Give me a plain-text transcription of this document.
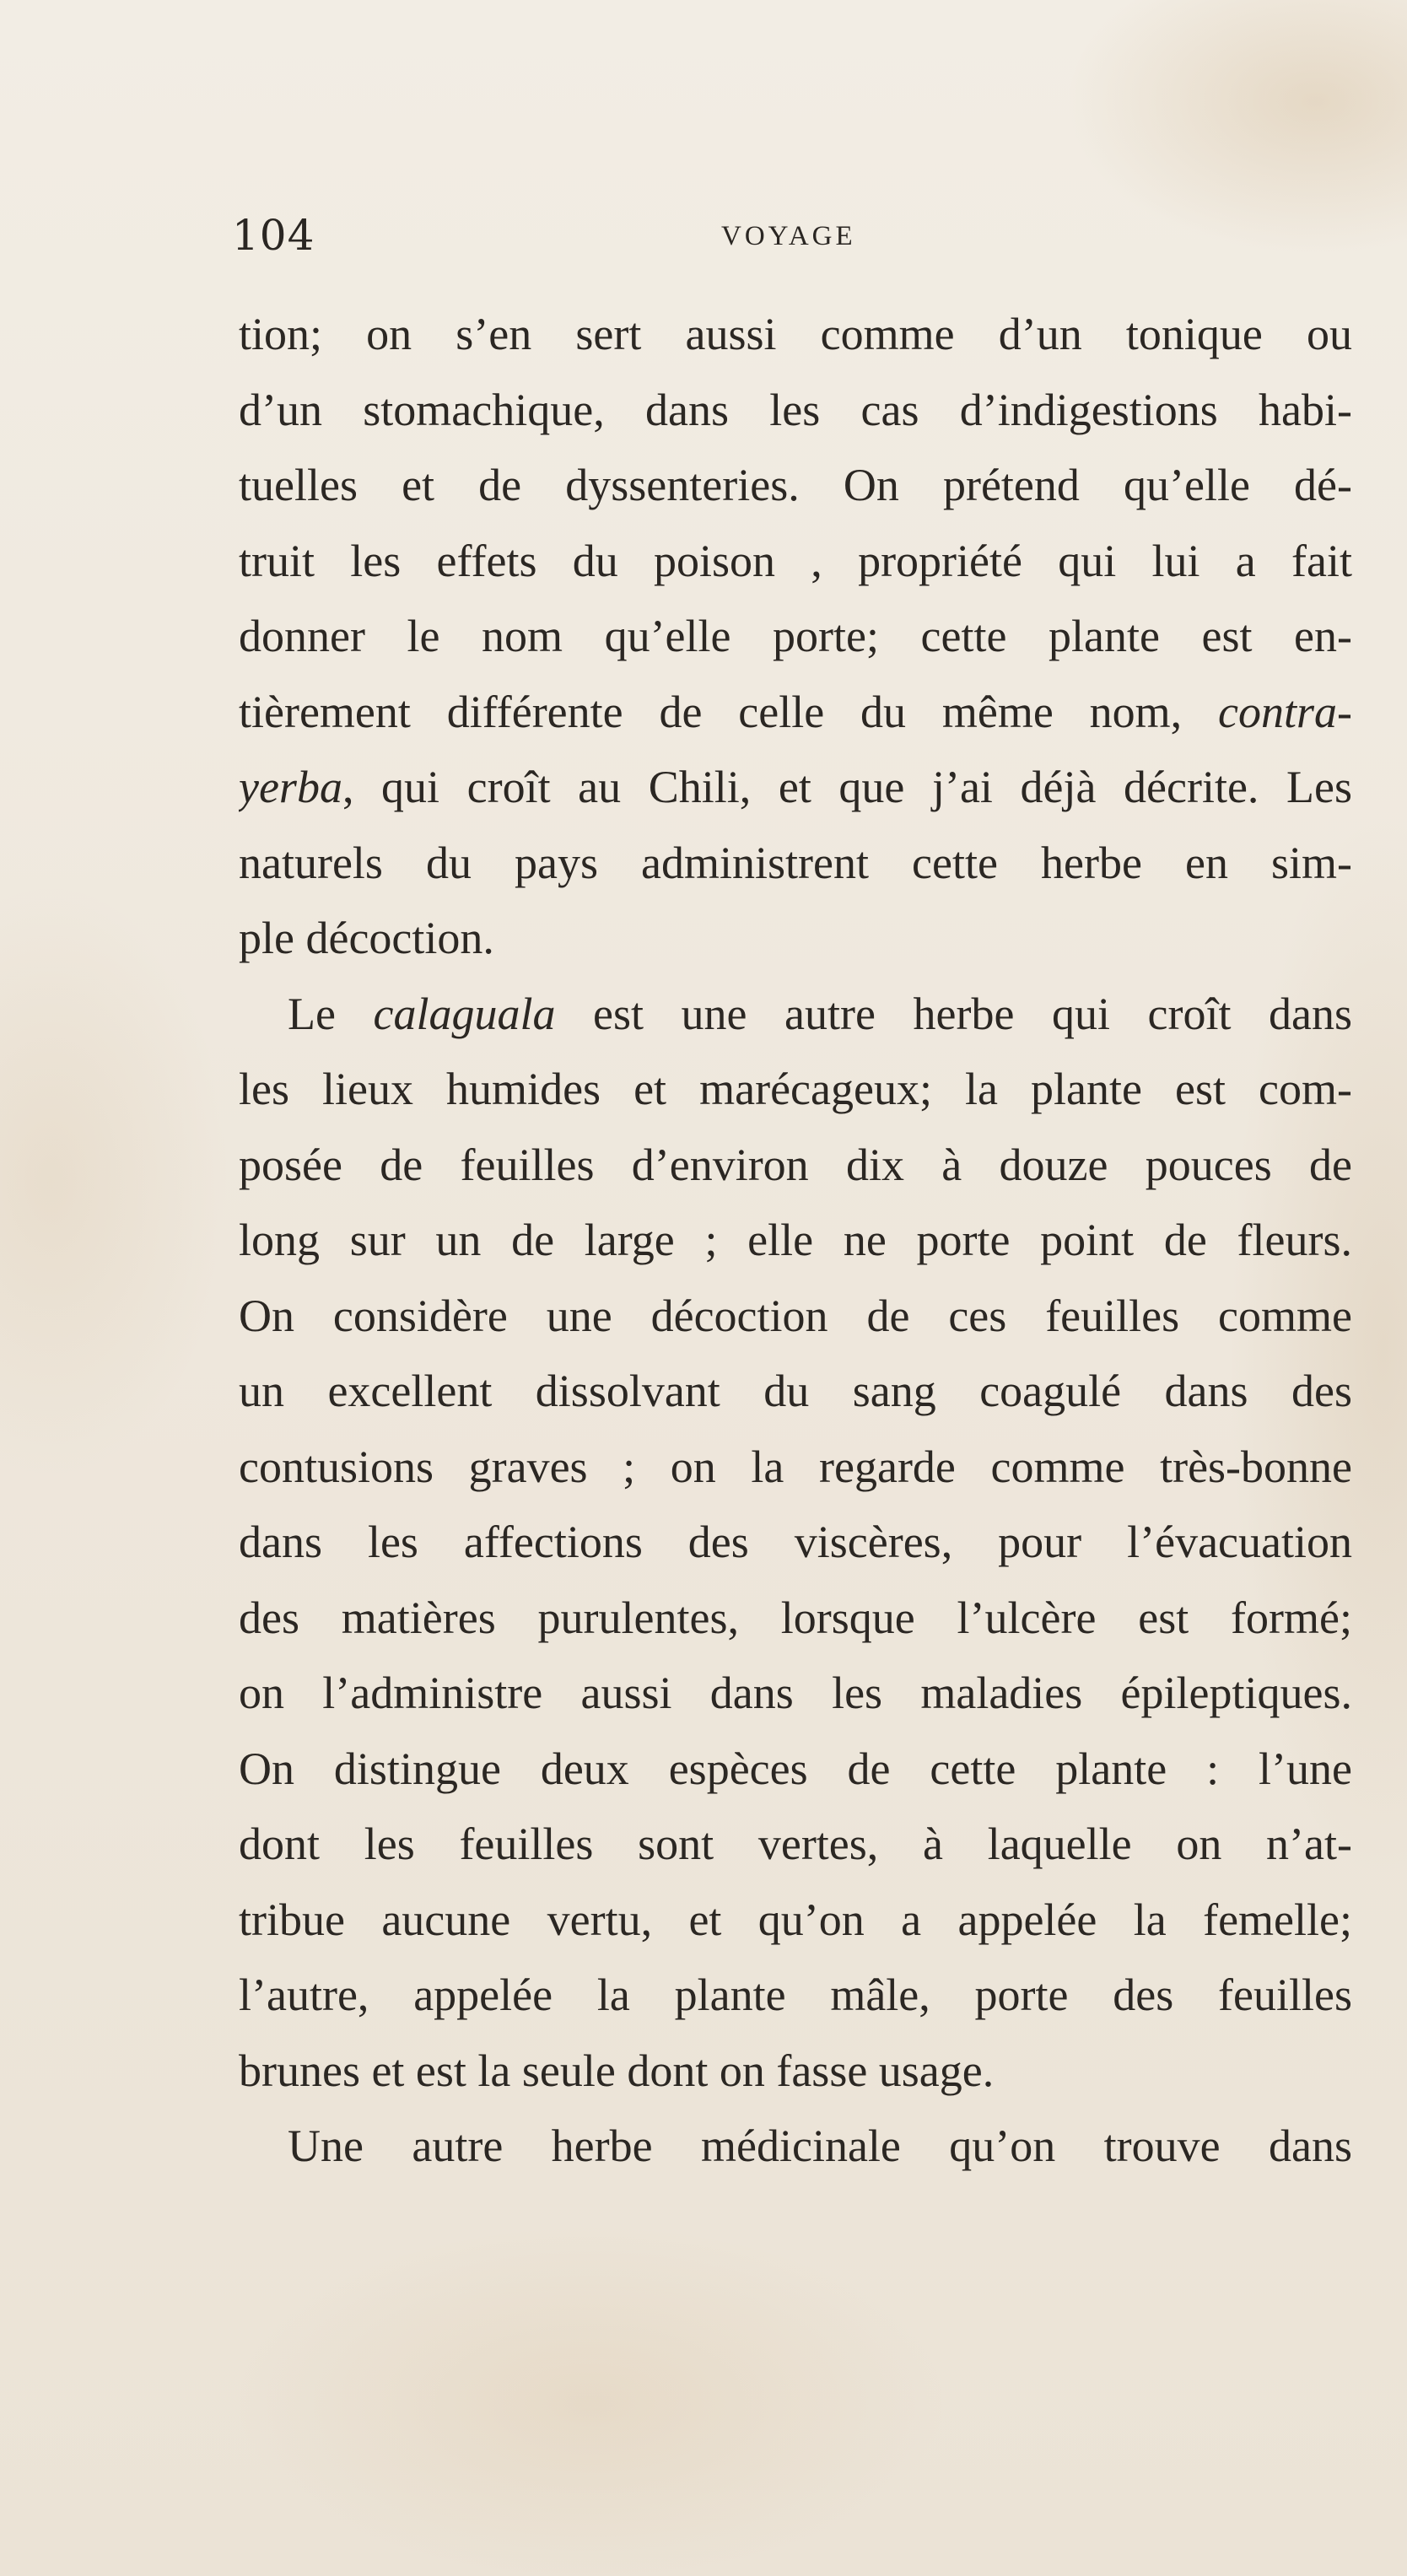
104	VOYAGE
tion; on s’en sert aussi comme d’un tonique ou
d’un stomachique, dans les cas d’indigestions habi-
tuelles et de dyssenteries. On prétend qu’elle dé-
truit les effets du poison , propriété qui lui a fait
donner le nom qu’elle porte; cette plante est en-
tièrement différente de celle du même nom, contra-
yerba, qui croît au Chili, et que j’ai déjà décrite. Les
naturels du pays administrent cette herbe en sim-
ple décoction.
Le calaguala est une autre herbe qui croît dans
les lieux humides et marécageux; la plante est com-
posée de feuilles d’environ dix à douze pouces de
long sur un de large ; elle ne porte point de fleurs.
On considère une décoction de ces feuilles comme
un excellent dissolvant du sang coagulé dans des
contusions graves ; on la regarde comme très-bonne
dans les affections des viscères, pour l’évacuation
des matières purulentes, lorsque l’ulcère est formé;
on l’administre aussi dans les maladies épileptiques.
On distingue deux espèces de cette plante : l’une
dont les feuilles sont vertes, à laquelle on n’at-
tribue aucune vertu, et qu’on a appelée la femelle;
l’autre, appelée la plante mâle, porte des feuilles
brunes et est la seule dont on fasse usage.
Une autre herbe médicinale qu’on trouve dans
